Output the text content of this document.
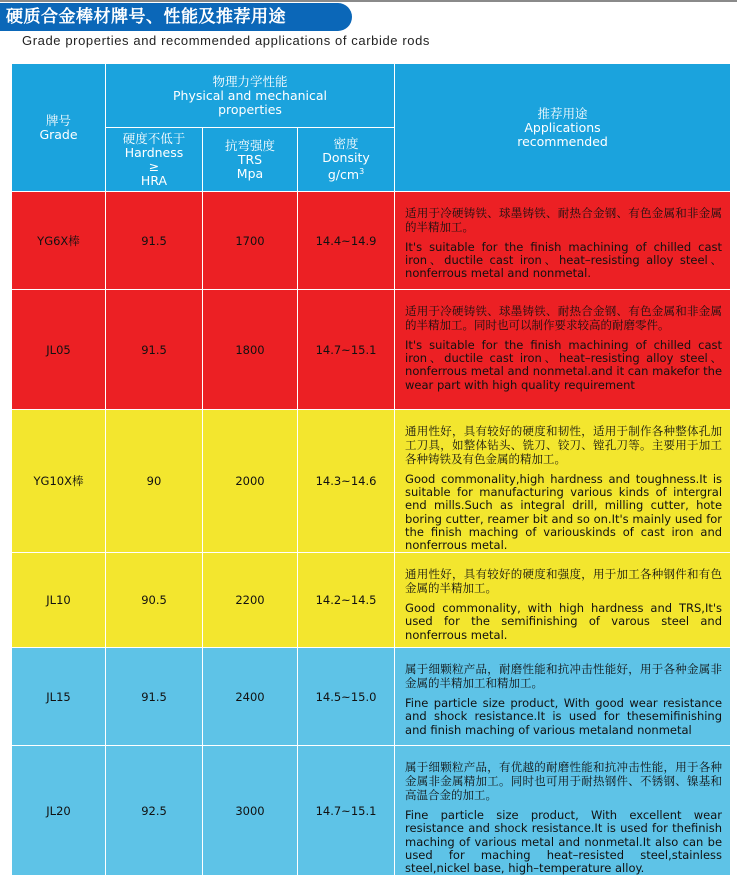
硬质合金棒材牌号、性能及推荐用途
Grade properties and recommended applications of carbide rods
牌号
Grade	物理力学性能
Physical and mechanical
properties			推荐用途
Applications
recommended

	硬度不低于
Hardness
≥
HRA	抗弯强度
TRS
Mpa	密度
Donsity
$g/cm^3$

YG6X棒	91.5	1700	14.4~14.9	适用于冷硬铸铁、球墨铸铁、耐热合金钢、有色金属和非金属的半精加工。
It's suitable for the finish machining of chilled cast iron、ductile cast iron、heat–resisting alloy steel、nonferrous metal and nonmetal.

JL05	91.5	1800	14.7~15.1	适用于冷硬铸铁、球墨铸铁、耐热合金钢、有色金属和非金属的半精加工。同时也可以制作要求较高的耐磨零件。
It's suitable for the finish machining of chilled cast iron、ductile cast iron、heat–resisting alloy steel、nonferrous metal and nonmetal.and it can makefor the wear part with high quality requirement

YG10X棒	90	2000	14.3~14.6	通用性好，具有较好的硬度和韧性，适用于制作各种整体孔加工刀具，如整体钻头、铣刀、铰刀、镗孔刀等。主要用于加工各种铸铁及有色金属的精加工。
Good commonality,high hardness and toughness.It is suitable for manufacturing various kinds of intergral end mills.Such as integral drill, milling cutter, hote boring cutter, reamer bit and so on.It's mainly used for the finish maching of variouskinds of cast iron and nonferrous metal.

JL10	90.5	2200	14.2~14.5	通用性好，具有较好的硬度和强度，用于加工各种钢件和有色金属的半精加工。
Good commonality, with high hardness and TRS,It's used for the semifinishing of varous steel and nonferrous metal.

JL15	91.5	2400	14.5~15.0	属于细颗粒产品，耐磨性能和抗冲击性能好，用于各种金属非金属的半精加工和精加工。
Fine particle size product, With good wear resistance and shock resistance.It is used for thesemifinishing and finish maching of various metaland nonmetal

JL20	92.5	3000	14.7~15.1	属于细颗粒产品，有优越的耐磨性能和抗冲击性能，用于各种金属非金属精加工。同时也可用于耐热钢件、不锈钢、镍基和高温合金的加工。
Fine particle size product, With excellent wear resistance and shock resistance.It is used for thefinish maching of various metal and nonmetal.It also can be used for maching heat–resisted steel,stainless steel,nickel base, high–temperature alloy.
